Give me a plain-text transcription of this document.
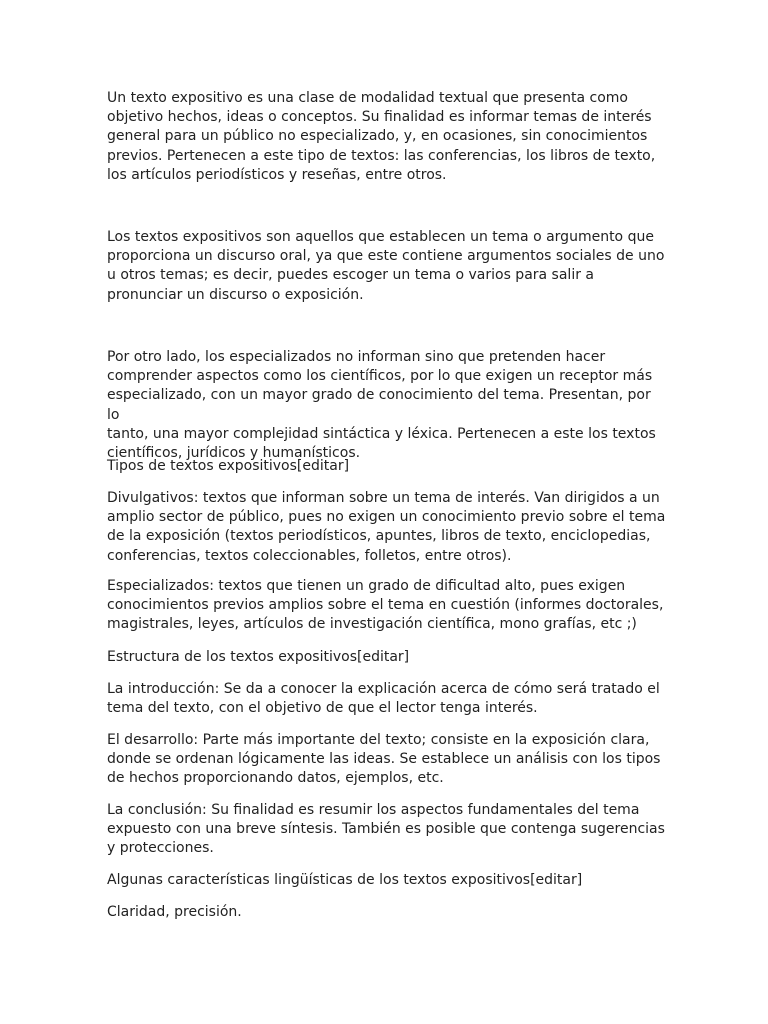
Un texto expositivo es una clase de modalidad textual que presenta como
objetivo hechos, ideas o conceptos. Su finalidad es informar temas de interés
general para un público no especializado, y, en ocasiones, sin conocimientos
previos. Pertenecen a este tipo de textos: las conferencias, los libros de texto,
los artículos periodísticos y reseñas, entre otros.

Los textos expositivos son aquellos que establecen un tema o argumento que
proporciona un discurso oral, ya que este contiene argumentos sociales de uno
u otros temas; es decir, puedes escoger un tema o varios para salir a
pronunciar un discurso o exposición.

Por otro lado, los especializados no informan sino que pretenden hacer
comprender aspectos como los científicos, por lo que exigen un receptor más
especializado, con un mayor grado de conocimiento del tema. Presentan, por lo
tanto, una mayor complejidad sintáctica y léxica. Pertenecen a este los textos
científicos, jurídicos y humanísticos.

Tipos de textos expositivos[editar]

Divulgativos: textos que informan sobre un tema de interés. Van dirigidos a un
amplio sector de público, pues no exigen un conocimiento previo sobre el tema
de la exposición (textos periodísticos, apuntes, libros de texto, enciclopedias,
conferencias, textos coleccionables, folletos, entre otros).

Especializados: textos que tienen un grado de dificultad alto, pues exigen
conocimientos previos amplios sobre el tema en cuestión (informes doctorales,
magistrales, leyes, artículos de investigación científica, mono grafías, etc ;)

Estructura de los textos expositivos[editar]

La introducción: Se da a conocer la explicación acerca de cómo será tratado el
tema del texto, con el objetivo de que el lector tenga interés.

El desarrollo: Parte más importante del texto; consiste en la exposición clara,
donde se ordenan lógicamente las ideas. Se establece un análisis con los tipos
de hechos proporcionando datos, ejemplos, etc.

La conclusión: Su finalidad es resumir los aspectos fundamentales del tema
expuesto con una breve síntesis. También es posible que contenga sugerencias
y protecciones.

Algunas características lingüísticas de los textos expositivos[editar]

Claridad, precisión.
